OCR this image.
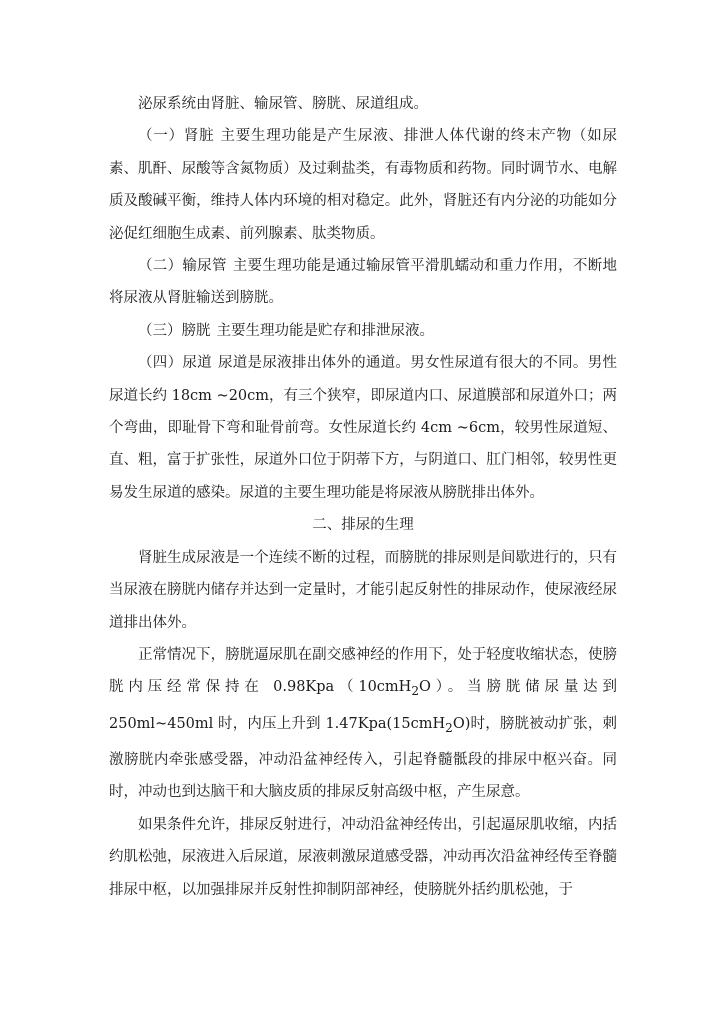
泌尿系统由肾脏、输尿管、膀胱、尿道组成。

（一）肾脏 主要生理功能是产生尿液、排泄人体代谢的终末产物（如尿素、肌酐、尿酸等含氮物质）及过剩盐类，有毒物质和药物。同时调节水、电解质及酸碱平衡，维持人体内环境的相对稳定。此外，肾脏还有内分泌的功能如分泌促红细胞生成素、前列腺素、肽类物质。

（二）输尿管 主要生理功能是通过输尿管平滑肌蠕动和重力作用，不断地将尿液从肾脏输送到膀胱。

（三）膀胱 主要生理功能是贮存和排泄尿液。

（四）尿道 尿道是尿液排出体外的通道。男女性尿道有很大的不同。男性尿道长约 18cm ~20cm，有三个狭窄，即尿道内口、尿道膜部和尿道外口；两个弯曲，即耻骨下弯和耻骨前弯。女性尿道长约 4cm ~6cm，较男性尿道短、直、粗，富于扩张性，尿道外口位于阴蒂下方，与阴道口、肛门相邻，较男性更易发生尿道的感染。尿道的主要生理功能是将尿液从膀胱排出体外。

二、排尿的生理

肾脏生成尿液是一个连续不断的过程，而膀胱的排尿则是间歇进行的，只有当尿液在膀胱内储存并达到一定量时，才能引起反射性的排尿动作，使尿液经尿道排出体外。

正常情况下，膀胱逼尿肌在副交感神经的作用下，处于轻度收缩状态，使膀胱内压经常保持在 0.98Kpa（10cmH$_2$O）。当膀胱储尿量达到 250ml~450ml 时，内压上升到 1.47Kpa(15cmH$_2$O)时，膀胱被动扩张，刺激膀胱内牵张感受器，冲动沿盆神经传入，引起脊髓骶段的排尿中枢兴奋。同时，冲动也到达脑干和大脑皮质的排尿反射高级中枢，产生尿意。

如果条件允许，排尿反射进行，冲动沿盆神经传出，引起逼尿肌收缩，内括约肌松弛，尿液进入后尿道，尿液刺激尿道感受器，冲动再次沿盆神经传至脊髓排尿中枢，以加强排尿并反射性抑制阴部神经，使膀胱外括约肌松弛，于
